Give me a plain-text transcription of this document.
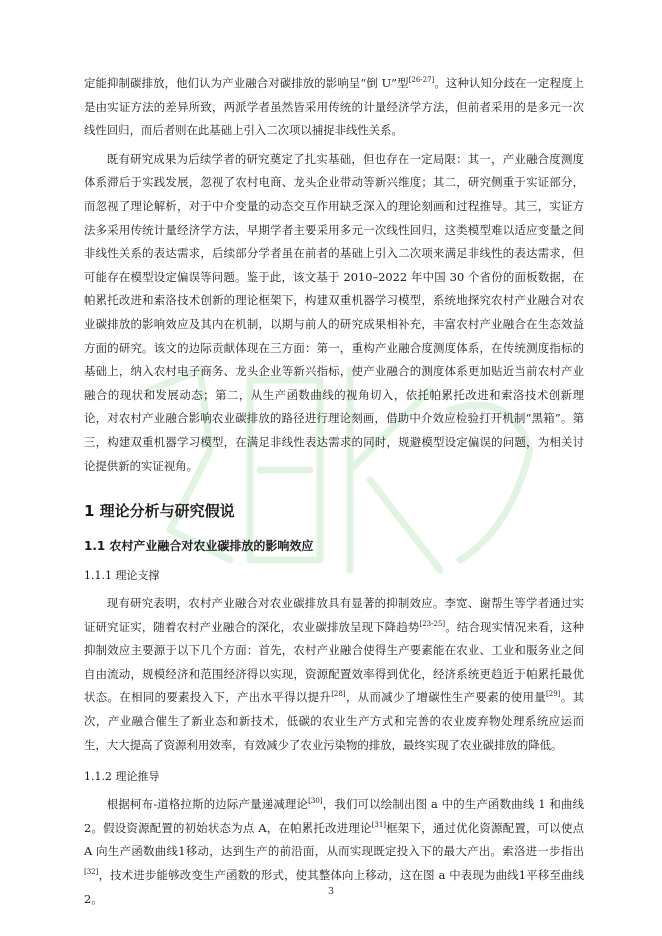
定能抑制碳排放，他们认为产业融合对碳排放的影响呈“倒 U”型[26-27]。这种认知分歧在一定程度上是由实证方法的差异所致，两派学者虽然皆采用传统的计量经济学方法，但前者采用的是多元一次线性回归，而后者则在此基础上引入二次项以捕捉非线性关系。

既有研究成果为后续学者的研究奠定了扎实基础，但也存在一定局限：其一，产业融合度测度体系滞后于实践发展，忽视了农村电商、龙头企业带动等新兴维度；其二，研究侧重于实证部分，而忽视了理论解析，对于中介变量的动态交互作用缺乏深入的理论刻画和过程推导。其三，实证方法多采用传统计量经济学方法，早期学者主要采用多元一次线性回归，这类模型难以适应变量之间非线性关系的表达需求，后续部分学者虽在前者的基础上引入二次项来满足非线性的表达需求，但可能存在模型设定偏误等问题。鉴于此，该文基于 2010–2022 年中国 30 个省份的面板数据，在帕累托改进和索洛技术创新的理论框架下，构建双重机器学习模型，系统地探究农村产业融合对农业碳排放的影响效应及其内在机制，以期与前人的研究成果相补充，丰富农村产业融合在生态效益方面的研究。该文的边际贡献体现在三方面：第一，重构产业融合度测度体系，在传统测度指标的基础上，纳入农村电子商务、龙头企业等新兴指标，使产业融合的测度体系更加贴近当前农村产业融合的现状和发展动态；第二，从生产函数曲线的视角切入，依托帕累托改进和索洛技术创新理论，对农村产业融合影响农业碳排放的路径进行理论刻画，借助中介效应检验打开机制“黑箱”。第三，构建双重机器学习模型，在满足非线性表达需求的同时，规避模型设定偏误的问题，为相关讨论提供新的实证视角。

1 理论分析与研究假说
1.1 农村产业融合对农业碳排放的影响效应
1.1.1 理论支撑

现有研究表明，农村产业融合对农业碳排放具有显著的抑制效应。李宽、谢帮生等学者通过实证研究证实，随着农村产业融合的深化，农业碳排放呈现下降趋势[23-25]。结合现实情况来看，这种抑制效应主要源于以下几个方面：首先，农村产业融合使得生产要素能在农业、工业和服务业之间自由流动，规模经济和范围经济得以实现，资源配置效率得到优化，经济系统更趋近于帕累托最优状态。在相同的要素投入下，产出水平得以提升[28]，从而减少了增碳性生产要素的使用量[29]。其次，产业融合催生了新业态和新技术，低碳的农业生产方式和完善的农业废弃物处理系统应运而生，大大提高了资源利用效率，有效减少了农业污染物的排放，最终实现了农业碳排放的降低。

1.1.2 理论推导

根据柯布-道格拉斯的边际产量递减理论[30]，我们可以绘制出图 a 中的生产函数曲线 1 和曲线 2。假设资源配置的初始状态为点 A，在帕累托改进理论[31]框架下，通过优化资源配置，可以使点 A 向生产函数曲线1移动，达到生产的前沿面，从而实现既定投入下的最大产出。索洛进一步指出[32]，技术进步能够改变生产函数的形式，使其整体向上移动，这在图 a 中表现为曲线1平移至曲线2。

3
